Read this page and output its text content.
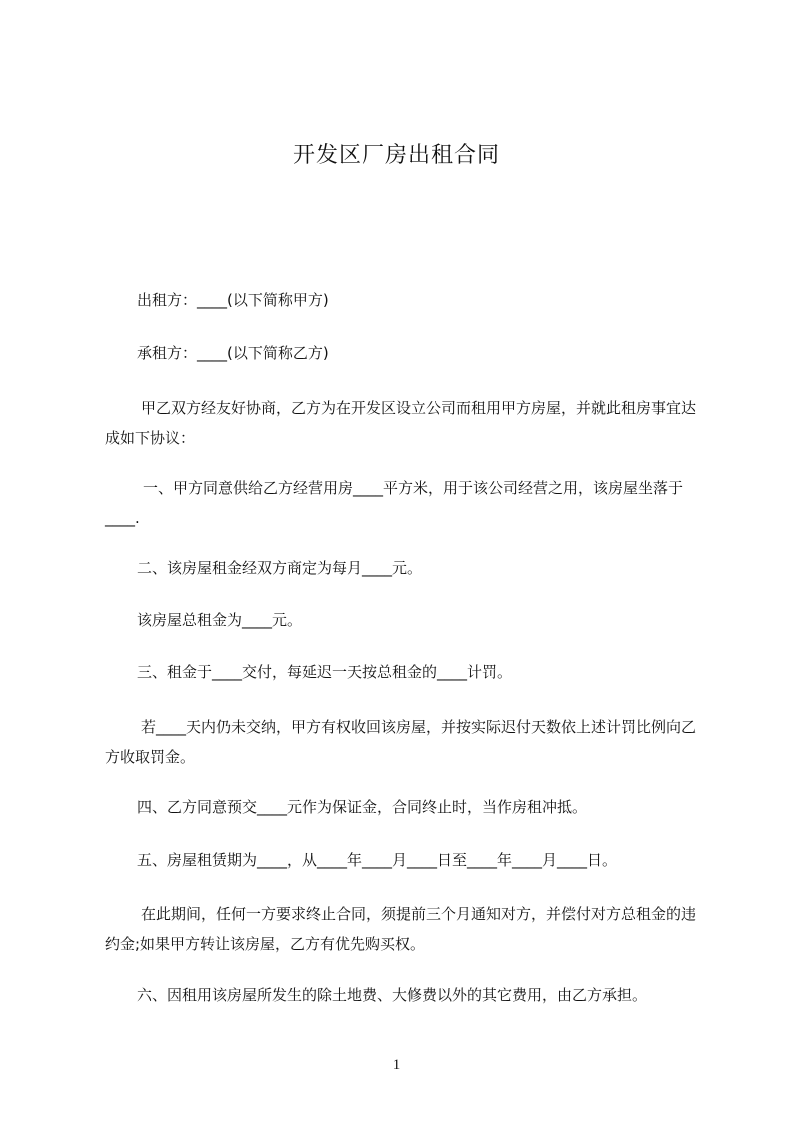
开发区厂房出租合同

出租方：____(以下简称甲方)

承租方：____(以下简称乙方)

甲乙双方经友好协商，乙方为在开发区设立公司而租用甲方房屋，并就此租房事宜达成如下协议：

一、甲方同意供给乙方经营用房____平方米，用于该公司经营之用，该房屋坐落于____.

二、该房屋租金经双方商定为每月____元。

该房屋总租金为____元。

三、租金于____交付，每延迟一天按总租金的____计罚。

若____天内仍未交纳，甲方有权收回该房屋，并按实际迟付天数依上述计罚比例向乙方收取罚金。

四、乙方同意预交____元作为保证金，合同终止时，当作房租冲抵。

五、房屋租赁期为____，从____年____月____日至____年____月____日。

在此期间，任何一方要求终止合同，须提前三个月通知对方，并偿付对方总租金的违约金;如果甲方转让该房屋，乙方有优先购买权。

六、因租用该房屋所发生的除土地费、大修费以外的其它费用，由乙方承担。

1
